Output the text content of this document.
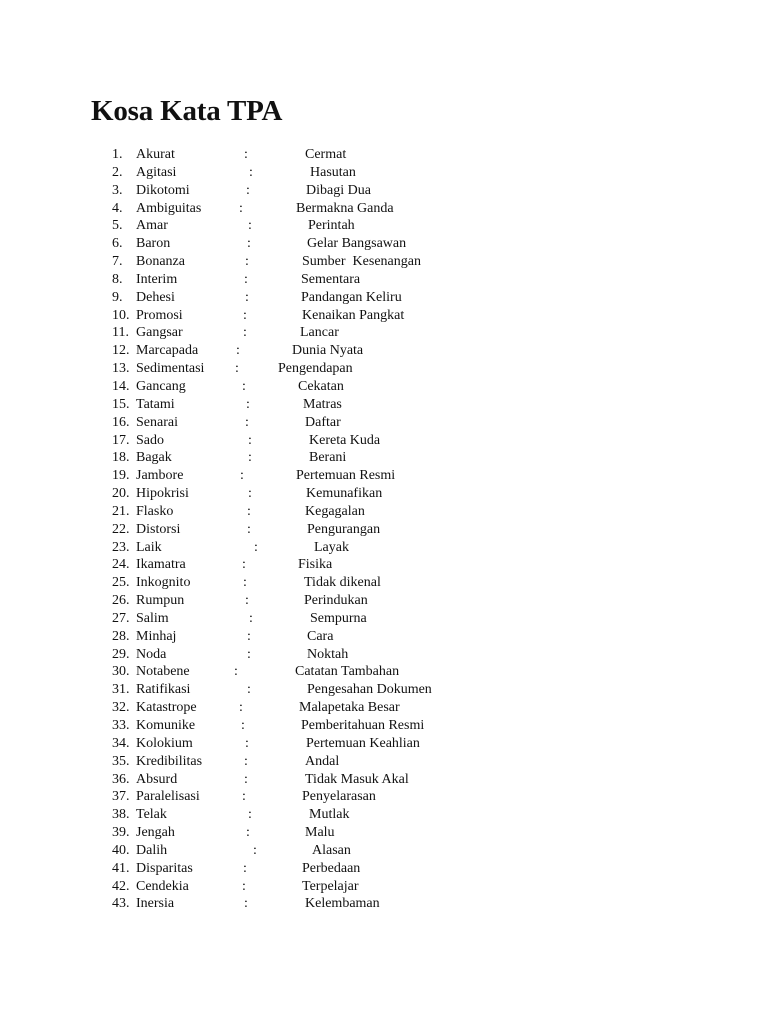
Kosa Kata TPA
1. Akurat	:	Cermat
2. Agitasi	:	Hasutan
3. Dikotomi	:	Dibagi Dua
4. Ambiguitas	:	Bermakna Ganda
5. Amar	:	Perintah
6. Baron	:	Gelar Bangsawan
7. Bonanza	:	Sumber  Kesenangan
8. Interim	:	Sementara
9. Dehesi	:	Pandangan Keliru
10. Promosi	:	Kenaikan Pangkat
11. Gangsar	:	Lancar
12. Marcapada	:	Dunia Nyata
13. Sedimentasi :	Pengendapan
14. Gancang	:	Cekatan
15. Tatami	:	Matras
16. Senarai	:	Daftar
17. Sado	:	Kereta Kuda
18. Bagak	:	Berani
19. Jambore	:	Pertemuan Resmi
20. Hipokrisi	:	Kemunafikan
21. Flasko	:	Kegagalan
22. Distorsi	:	Pengurangan
23. Laik	:	Layak
24. Ikamatra	:	Fisika
25. Inkognito	:	Tidak dikenal
26. Rumpun	:	Perindukan
27. Salim	:	Sempurna
28. Minhaj	:	Cara
29. Noda	:	Noktah
30. Notabene	:	Catatan Tambahan
31. Ratifikasi	:	Pengesahan Dokumen
32. Katastrope	:	Malapetaka Besar
33. Komunike	:	Pemberitahuan Resmi
34. Kolokium	:	Pertemuan Keahlian
35. Kredibilitas	:	Andal
36. Absurd	:	Tidak Masuk Akal
37. Paralelisasi	:	Penyelarasan
38. Telak	:	Mutlak
39. Jengah	:	Malu
40. Dalih	:	Alasan
41. Disparitas	:	Perbedaan
42. Cendekia	:	Terpelajar
43. Inersia	:	Kelembaman
